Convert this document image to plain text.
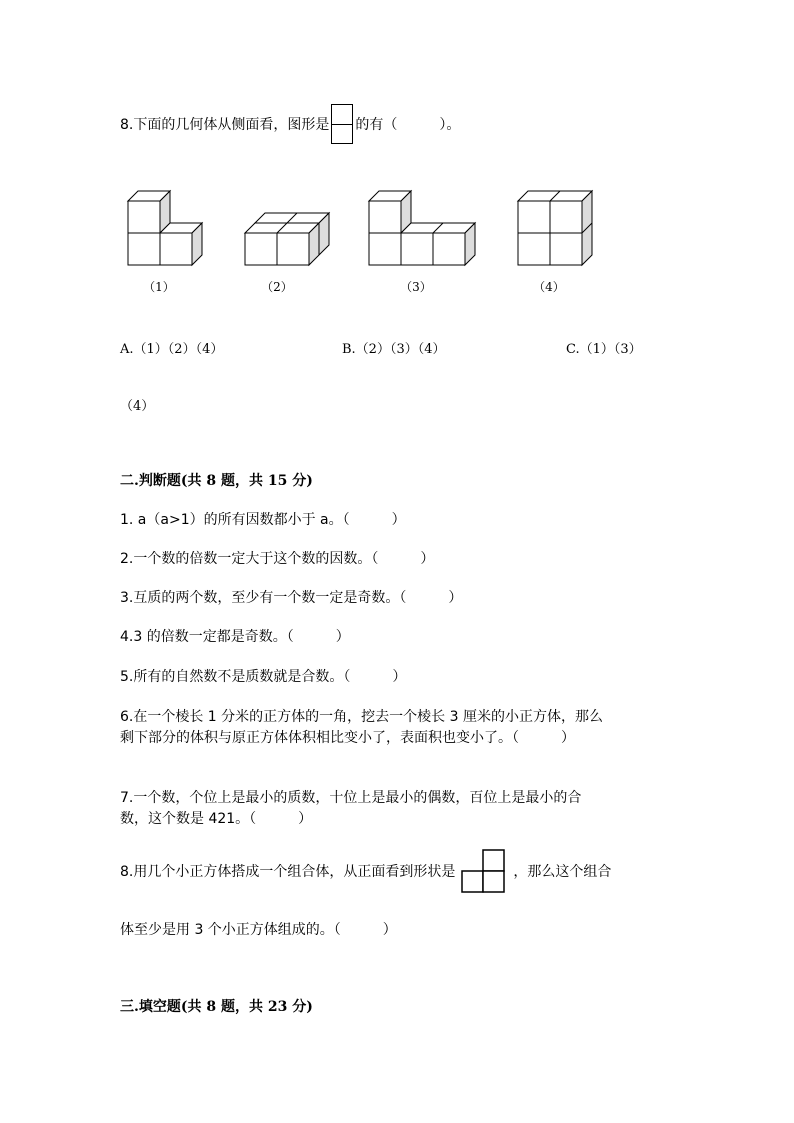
8.下面的几何体从侧面看，图形是 的有（　　　）。
（1）	（2）	（3）	（4）
A.（1）（2）（4）	B.（2）（3）（4）	C.（1）（3）
（4）
二.判断题(共 8 题，共 15 分)
1. a（a>1）的所有因数都小于 a。（　　　）
2.一个数的倍数一定大于这个数的因数。（　　　）
3.互质的两个数，至少有一个数一定是奇数。（　　　）
4.3 的倍数一定都是奇数。（　　　）
5.所有的自然数不是质数就是合数。（　　　）
6.在一个棱长 1 分米的正方体的一角，挖去一个棱长 3 厘米的小正方体，那么
剩下部分的体积与原正方体体积相比变小了，表面积也变小了。（　　　）
7.一个数，个位上是最小的质数，十位上是最小的偶数，百位上是最小的合
数，这个数是 421。（　　　）
8.用几个小正方体搭成一个组合体，从正面看到形状是	，那么这个组合
体至少是用 3 个小正方体组成的。（　　　）
三.填空题(共 8 题，共 23 分)
